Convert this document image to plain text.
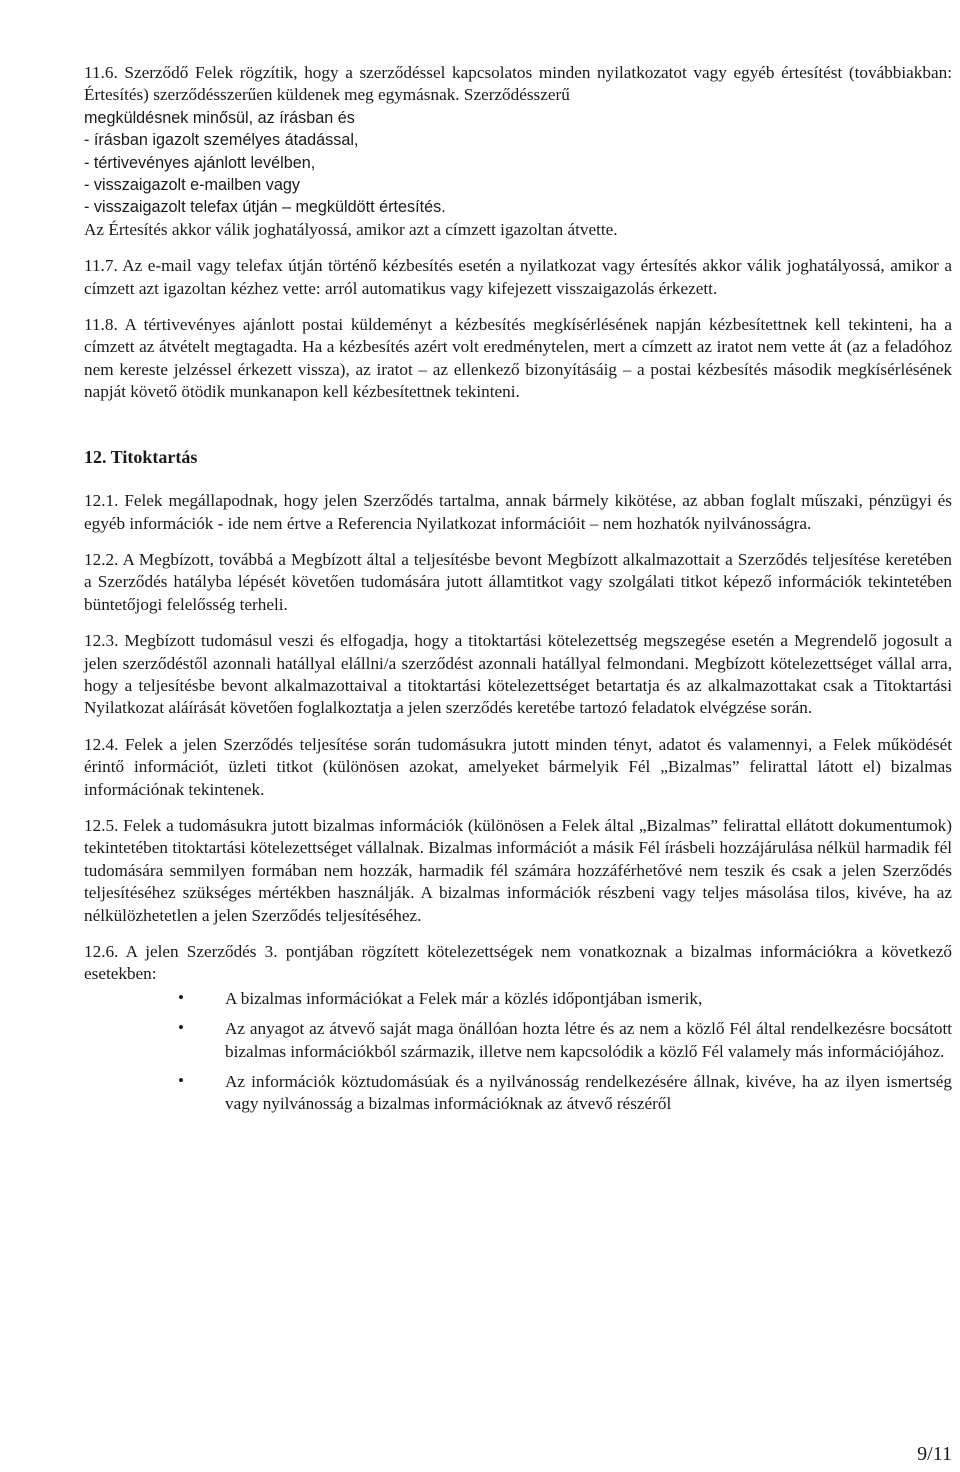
11.6. Szerződő Felek rögzítik, hogy a szerződéssel kapcsolatos minden nyilatkozatot vagy egyéb értesítést (továbbiakban: Értesítés) szerződésszerűen küldenek meg egymásnak. Szerződésszerű

megküldésnek minősül, az írásban és

- írásban igazolt személyes átadással,

- tértivevényes ajánlott levélben,

- visszaigazolt e-mailben vagy

- visszaigazolt telefax útján – megküldött értesítés.

Az Értesítés akkor válik joghatályossá, amikor azt a címzett igazoltan átvette.

11.7. Az e-mail vagy telefax útján történő kézbesítés esetén a nyilatkozat vagy értesítés akkor válik joghatályossá, amikor a címzett azt igazoltan kézhez vette: arról automatikus vagy kifejezett visszaigazolás érkezett.

11.8. A tértivevényes ajánlott postai küldeményt a kézbesítés megkísérlésének napján kézbesítettnek kell tekinteni, ha a címzett az átvételt megtagadta. Ha a kézbesítés azért volt eredménytelen, mert a címzett az iratot nem vette át (az a feladóhoz nem kereste jelzéssel érkezett vissza), az iratot – az ellenkező bizonyításáig – a postai kézbesítés második megkísérlésének napját követő ötödik munkanapon kell kézbesítettnek tekinteni.

12. Titoktartás

12.1. Felek megállapodnak, hogy jelen Szerződés tartalma, annak bármely kikötése, az abban foglalt műszaki, pénzügyi és egyéb információk - ide nem értve a Referencia Nyilatkozat információit – nem hozhatók nyilvánosságra.

12.2. A Megbízott, továbbá a Megbízott által a teljesítésbe bevont Megbízott alkalmazottait a Szerződés teljesítése keretében a Szerződés hatályba lépését követően tudomására jutott államtitkot vagy szolgálati titkot képező információk tekintetében büntetőjogi felelősség terheli.

12.3. Megbízott tudomásul veszi és elfogadja, hogy a titoktartási kötelezettség megszegése esetén a Megrendelő jogosult a jelen szerződéstől azonnali hatállyal elállni/a szerződést azonnali hatállyal felmondani. Megbízott kötelezettséget vállal arra, hogy a teljesítésbe bevont alkalmazottaival a titoktartási kötelezettséget betartatja és az alkalmazottakat csak a Titoktartási Nyilatkozat aláírását követően foglalkoztatja a jelen szerződés keretébe tartozó feladatok elvégzése során.

12.4. Felek a jelen Szerződés teljesítése során tudomásukra jutott minden tényt, adatot és valamennyi, a Felek működését érintő információt, üzleti titkot (különösen azokat, amelyeket bármelyik Fél „Bizalmas” felirattal látott el) bizalmas információnak tekintenek.

12.5. Felek a tudomásukra jutott bizalmas információk (különösen a Felek által „Bizalmas” felirattal ellátott dokumentumok) tekintetében titoktartási kötelezettséget vállalnak. Bizalmas információt a másik Fél írásbeli hozzájárulása nélkül harmadik fél tudomására semmilyen formában nem hozzák, harmadik fél számára hozzáférhetővé nem teszik és csak a jelen Szerződés teljesítéséhez szükséges mértékben használják. A bizalmas információk részbeni vagy teljes másolása tilos, kivéve, ha az nélkülözhetetlen a jelen Szerződés teljesítéséhez.

12.6. A jelen Szerződés 3. pontjában rögzített kötelezettségek nem vonatkoznak a bizalmas információkra a következő esetekben:

• A bizalmas információkat a Felek már a közlés időpontjában ismerik,

• Az anyagot az átvevő saját maga önállóan hozta létre és az nem a közlő Fél által rendelkezésre bocsátott bizalmas információkból származik, illetve nem kapcsolódik a közlő Fél valamely más információjához.

• Az információk köztudomásúak és a nyilvánosság rendelkezésére állnak, kivéve, ha az ilyen ismertség vagy nyilvánosság a bizalmas információknak az átvevő részéről

9/11
